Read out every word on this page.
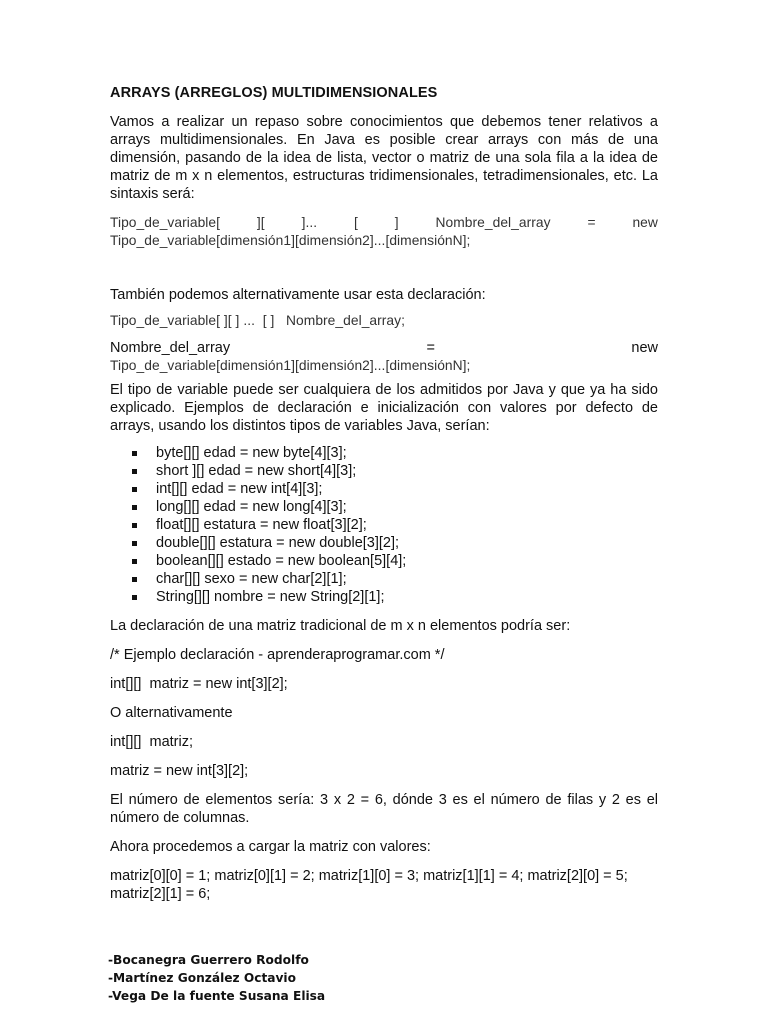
ARRAYS (ARREGLOS) MULTIDIMENSIONALES

Vamos a realizar un repaso sobre conocimientos que debemos tener relativos a arrays multidimensionales. En Java es posible crear arrays con más de una dimensión, pasando de la idea de lista, vector o matriz de una sola fila a la idea de matriz de m x n elementos, estructuras tridimensionales, tetradimensionales, etc. La sintaxis será:

Tipo_de_variable[	][	]...	[	]	Nombre_del_array	=	new
Tipo_de_variable[dimensión1][dimensión2]...[dimensiónN];

También podemos alternativamente usar esta declaración:

Tipo_de_variable[ ][ ] ...  [ ]   Nombre_del_array;
Nombre_del_array	=	new
Tipo_de_variable[dimensión1][dimensión2]...[dimensiónN];

El tipo de variable puede ser cualquiera de los admitidos por Java y que ya ha sido explicado. Ejemplos de declaración e inicialización con valores por defecto de arrays, usando los distintos tipos de variables Java, serían:

byte[][] edad = new byte[4][3];
short ][] edad = new short[4][3];
int[][] edad = new int[4][3];
long[][] edad = new long[4][3];
float[][] estatura = new float[3][2];
double[][] estatura = new double[3][2];
boolean[][] estado = new boolean[5][4];
char[][] sexo = new char[2][1];
String[][] nombre = new String[2][1];

La declaración de una matriz tradicional de m x n elementos podría ser:

/* Ejemplo declaración - aprenderaprogramar.com */

int[][]  matriz = new int[3][2];

O alternativamente

int[][]  matriz;

matriz = new int[3][2];

El número de elementos sería: 3 x 2 = 6, dónde 3 es el número de filas y 2 es el número de columnas.

Ahora procedemos a cargar la matriz con valores:

matriz[0][0] = 1; matriz[0][1] = 2; matriz[1][0] = 3; matriz[1][1] = 4; matriz[2][0] = 5;

matriz[2][1] = 6;

-Bocanegra Guerrero Rodolfo
-Martínez González Octavio
-Vega De la fuente Susana Elisa
